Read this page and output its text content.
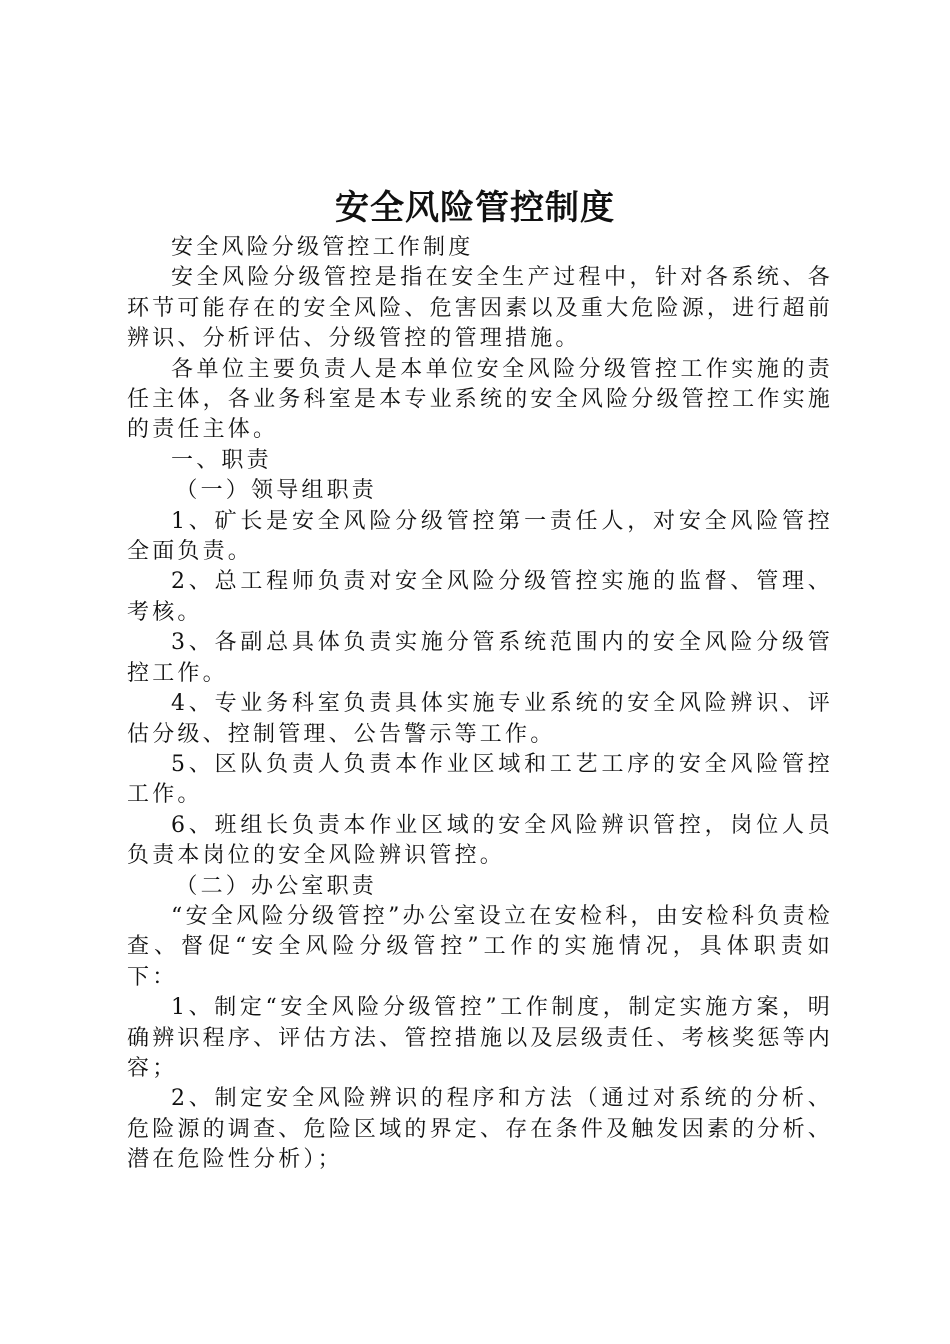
安全风险管控制度

安全风险分级管控工作制度

安全风险分级管控是指在安全生产过程中，针对各系统、各环节可能存在的安全风险、危害因素以及重大危险源，进行超前辨识、分析评估、分级管控的管理措施。

各单位主要负责人是本单位安全风险分级管控工作实施的责任主体，各业务科室是本专业系统的安全风险分级管控工作实施的责任主体。

一、职责

（一）领导组职责

1、矿长是安全风险分级管控第一责任人，对安全风险管控全面负责。

2、总工程师负责对安全风险分级管控实施的监督、管理、考核。

3、各副总具体负责实施分管系统范围内的安全风险分级管控工作。

4、专业务科室负责具体实施专业系统的安全风险辨识、评估分级、控制管理、公告警示等工作。

5、区队负责人负责本作业区域和工艺工序的安全风险管控工作。

6、班组长负责本作业区域的安全风险辨识管控，岗位人员负责本岗位的安全风险辨识管控。

（二）办公室职责

“安全风险分级管控”办公室设立在安检科，由安检科负责检查、督促“安全风险分级管控”工作的实施情况，具体职责如下：

1、制定“安全风险分级管控”工作制度，制定实施方案，明确辨识程序、评估方法、管控措施以及层级责任、考核奖惩等内容；

2、制定安全风险辨识的程序和方法（通过对系统的分析、危险源的调查、危险区域的界定、存在条件及触发因素的分析、潜在危险性分析）；
